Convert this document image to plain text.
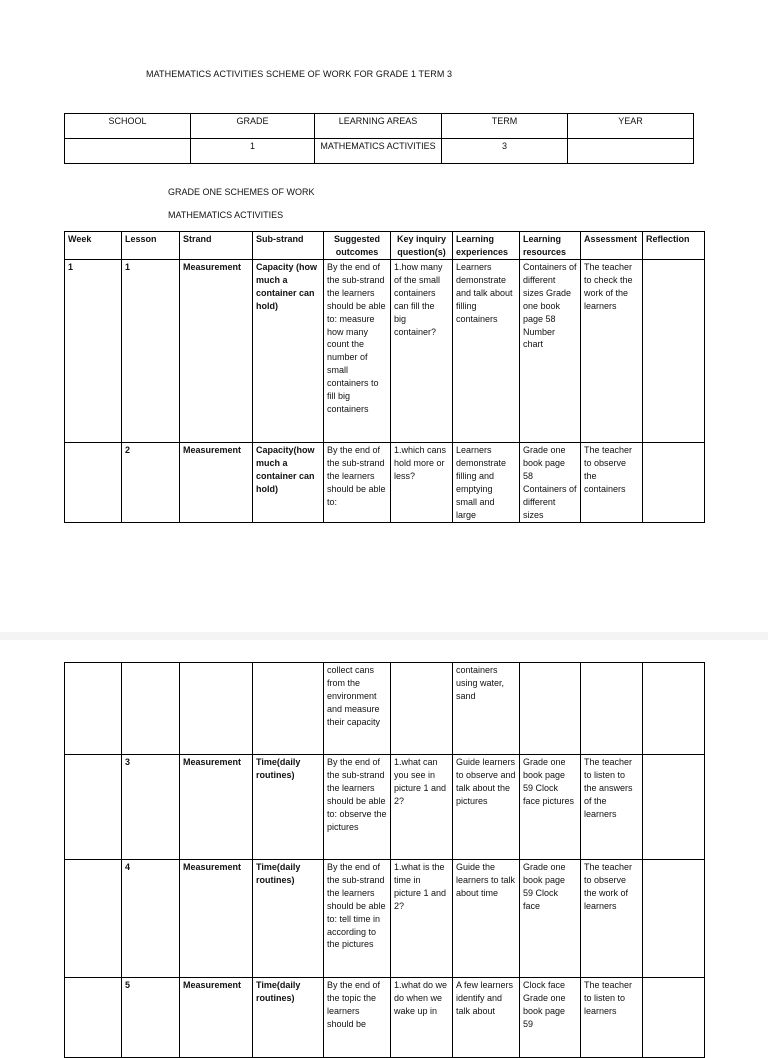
MATHEMATICS ACTIVITIES SCHEME OF WORK FOR GRADE 1 TERM 3
SCHOOL	GRADE	LEARNING AREAS	TERM	YEAR
	1	MATHEMATICS ACTIVITIES	3	
GRADE ONE SCHEMES OF WORK
MATHEMATICS ACTIVITIES
Week	Lesson	Strand	Sub-strand	Suggested outcomes	Key inquiry question(s)	Learning experiences	Learning resources	Assessment	Reflection
1	1	Measurement	Capacity (how much a container can hold)	By the end of the sub-strand the learners should be able to: measure how many count the number of small containers to fill big containers	1.how many of the small containers can fill the big container?	Learners demonstrate and talk about filling containers	Containers of different sizes Grade one book page 58 Number chart	The teacher to check the work of the learners	
	2	Measurement	Capacity(how much a container can hold)	By the end of the sub-strand the learners should be able to:	1.which cans hold more or less?	Learners demonstrate filling and emptying small and large	Grade one book page 58 Containers of different sizes	The teacher to observe the containers	
				collect cans from the environment and measure their capacity		containers using water, sand			
	3	Measurement	Time(daily routines)	By the end of the sub-strand the learners should be able to: observe the pictures	1.what can you see in picture 1 and 2?	Guide learners to observe and talk about the pictures	Grade one book page 59 Clock face pictures	The teacher to listen to the answers of the learners	
	4	Measurement	Time(daily routines)	By the end of the sub-strand the learners should be able to: tell time in according to the pictures	1.what is the time in picture 1 and 2?	Guide the learners to talk about time	Grade one book page 59 Clock face	The teacher to observe the work of learners	
	5	Measurement	Time(daily routines)	By the end of the topic the learners should be	1.what do we do when we wake up in	A few learners identify and talk about	Clock face Grade one book page 59	The teacher to listen to learners	
